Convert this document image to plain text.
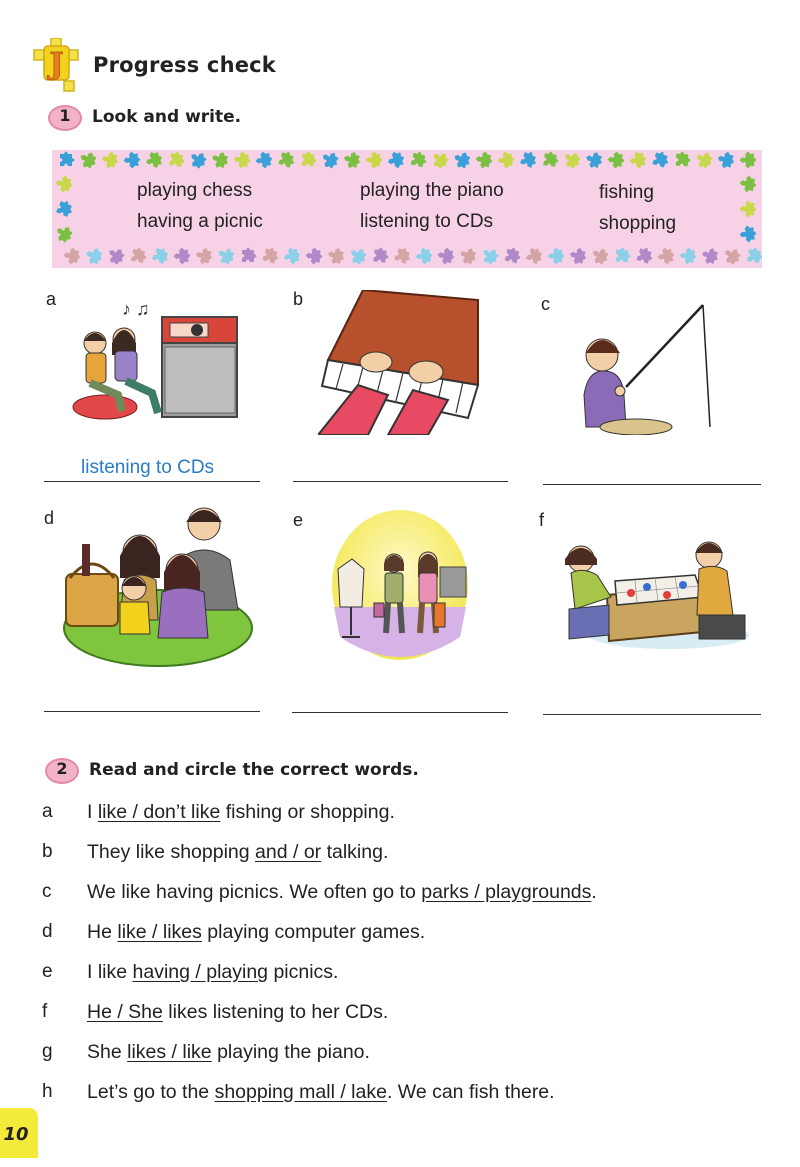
J Progress check
1 Look and write.
playing chess	playing the piano	fishing
having a picnic	listening to CDs	shopping
a	♪ ♫
listening to CDs
b	c
d	e	f
2 Read and circle the correct words.
a I like / don’t like fishing or shopping.
b They like shopping and / or talking.
c We like having picnics. We often go to parks / playgrounds.
d He like / likes playing computer games.
e I like having / playing picnics.
f He / She likes listening to her CDs.
g She likes / like playing the piano.
h Let’s go to the shopping mall / lake. We can fish there.
10
